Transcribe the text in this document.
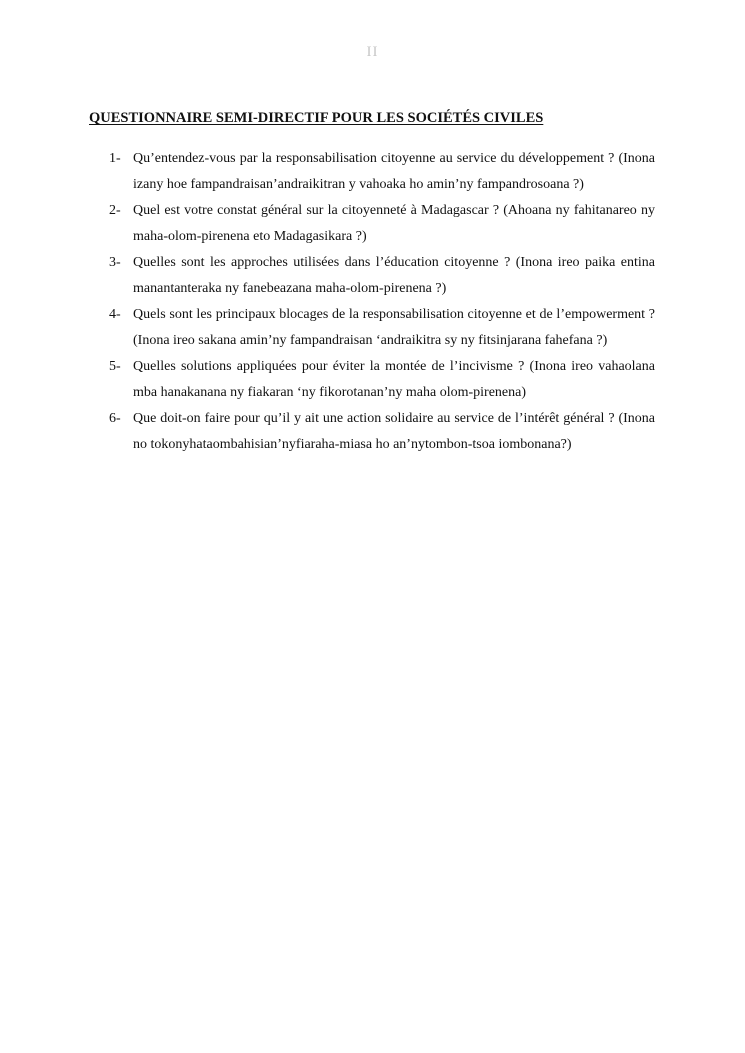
II
QUESTIONNAIRE SEMI-DIRECTIF POUR LES SOCIÉTÉS CIVILES
1- Qu’entendez-vous par la responsabilisation citoyenne au service du développement ? (Inona izany hoe fampandraisan’andraikitran y vahoaka ho amin’ny fampandrosoana ?)
2- Quel est votre constat général sur la citoyenneté à Madagascar ? (Ahoana ny fahitanareo ny maha-olom-pirenena eto Madagasikara ?)
3- Quelles sont les approches utilisées dans l’éducation citoyenne ? (Inona ireo paika entina manantanteraka ny fanebeazana maha-olom-pirenena ?)
4- Quels sont les principaux blocages de la responsabilisation citoyenne et de l’empowerment ? (Inona ireo sakana amin’ny fampandraisan ‘andraikitra sy ny fitsinjarana fahefana ?)
5- Quelles solutions appliquées pour éviter la montée de l’incivisme ? (Inona ireo vahaolana mba hanakanana ny fiakaran ‘ny fikorotanan’ny maha olom-pirenena)
6- Que doit-on faire pour qu’il y ait une action solidaire au service de l’intérêt général ? (Inona no tokonyhataombahisian’nyfiaraha-miasa ho an’nytombon-tsoa iombonana?)
